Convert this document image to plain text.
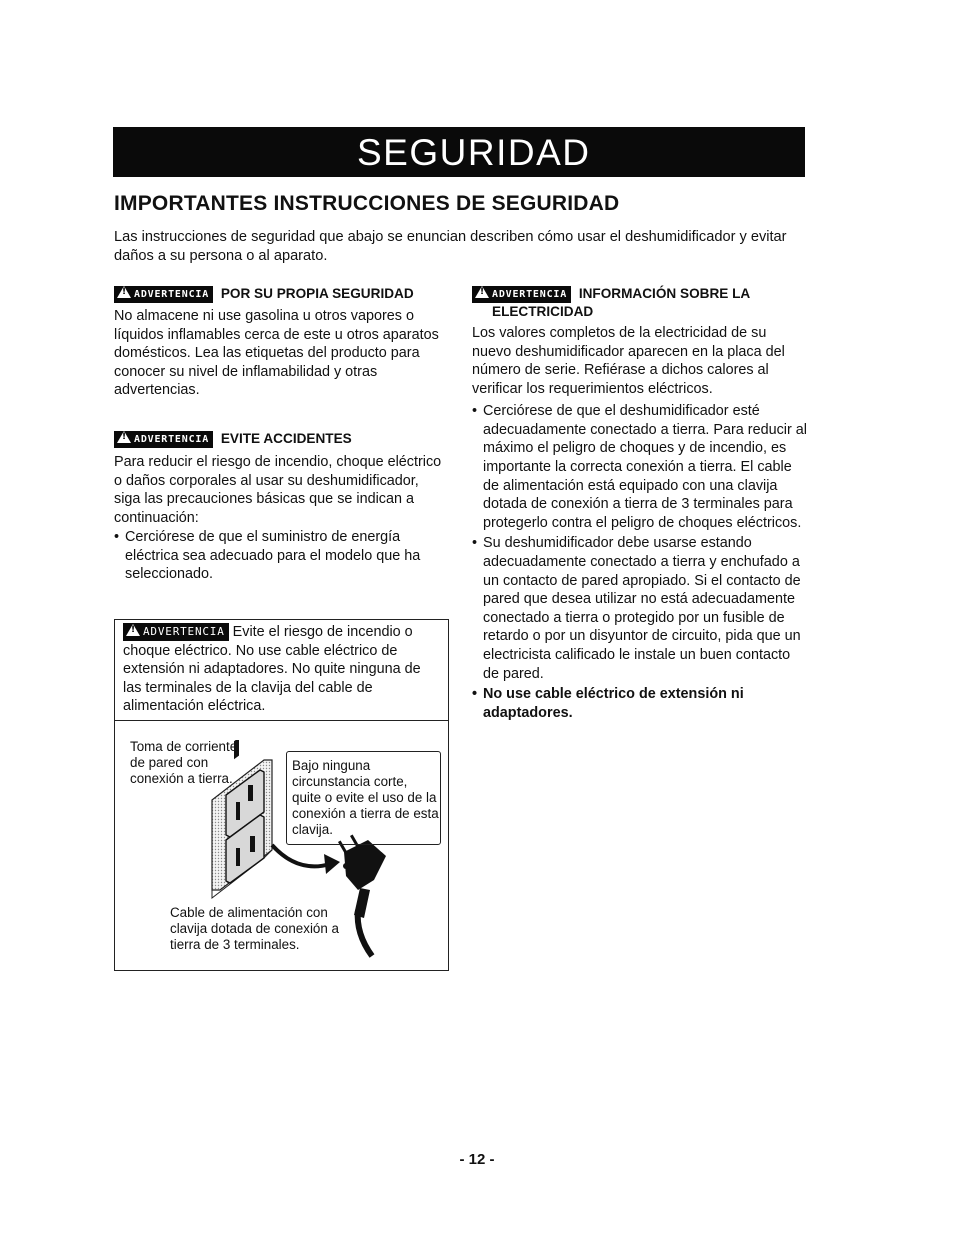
SEGURIDAD
IMPORTANTES INSTRUCCIONES DE SEGURIDAD
Las instrucciones de seguridad que abajo se enuncian describen cómo usar el deshumidificador y evitar daños a su persona o al aparato.
!ADVERTENCIA POR SU PROPIA SEGURIDAD
No almacene ni use gasolina u otros vapores o líquidos inflamables cerca de este u otros aparatos domésticos. Lea las etiquetas del producto para conocer su nivel de inflamabilidad y otras advertencias.
!ADVERTENCIA EVITE ACCIDENTES
Para reducir el riesgo de incendio, choque eléctrico o daños corporales al usar su deshumidificador, siga las precauciones básicas que se indican a continuación:
• Cerciórese de que el suministro de energía eléctrica sea adecuado para el modelo que ha seleccionado.
!ADVERTENCIA Evite el riesgo de incendio o choque eléctrico. No use cable eléctrico de extensión ni adaptadores. No quite ninguna de las terminales de la clavija del cable de alimentación eléctrica.
Toma de corriente de pared con conexión a tierra.
Bajo ninguna circunstancia corte, quite o evite el uso de la conexión a tierra de esta clavija.
Cable de alimentación con clavija dotada de conexión a tierra de 3 terminales.
!ADVERTENCIA INFORMACIÓN SOBRE LA
ELECTRICIDAD
Los valores completos de la electricidad de su nuevo deshumidificador aparecen en la placa del número de serie. Refiérase a dichos calores al verificar los requerimientos eléctricos.
• Cerciórese de que el deshumidificador esté adecuadamente conectado a tierra. Para reducir al máximo el peligro de choques y de incendio, es importante la correcta conexión a tierra. El cable de alimentación está equipado con una clavija dotada de conexión a tierra de 3 terminales para protegerlo contra el peligro de choques eléctricos.
• Su deshumidificador debe usarse estando adecuadamente conectado a tierra y enchufado a un contacto de pared apropiado. Si el contacto de pared que desea utilizar no está adecuadamente conectado a tierra o protegido por un fusible de retardo o por un disyuntor de circuito, pida que un electricista calificado le instale un buen contacto de pared.
• No use cable eléctrico de extensión ni adaptadores.
- 12 -
